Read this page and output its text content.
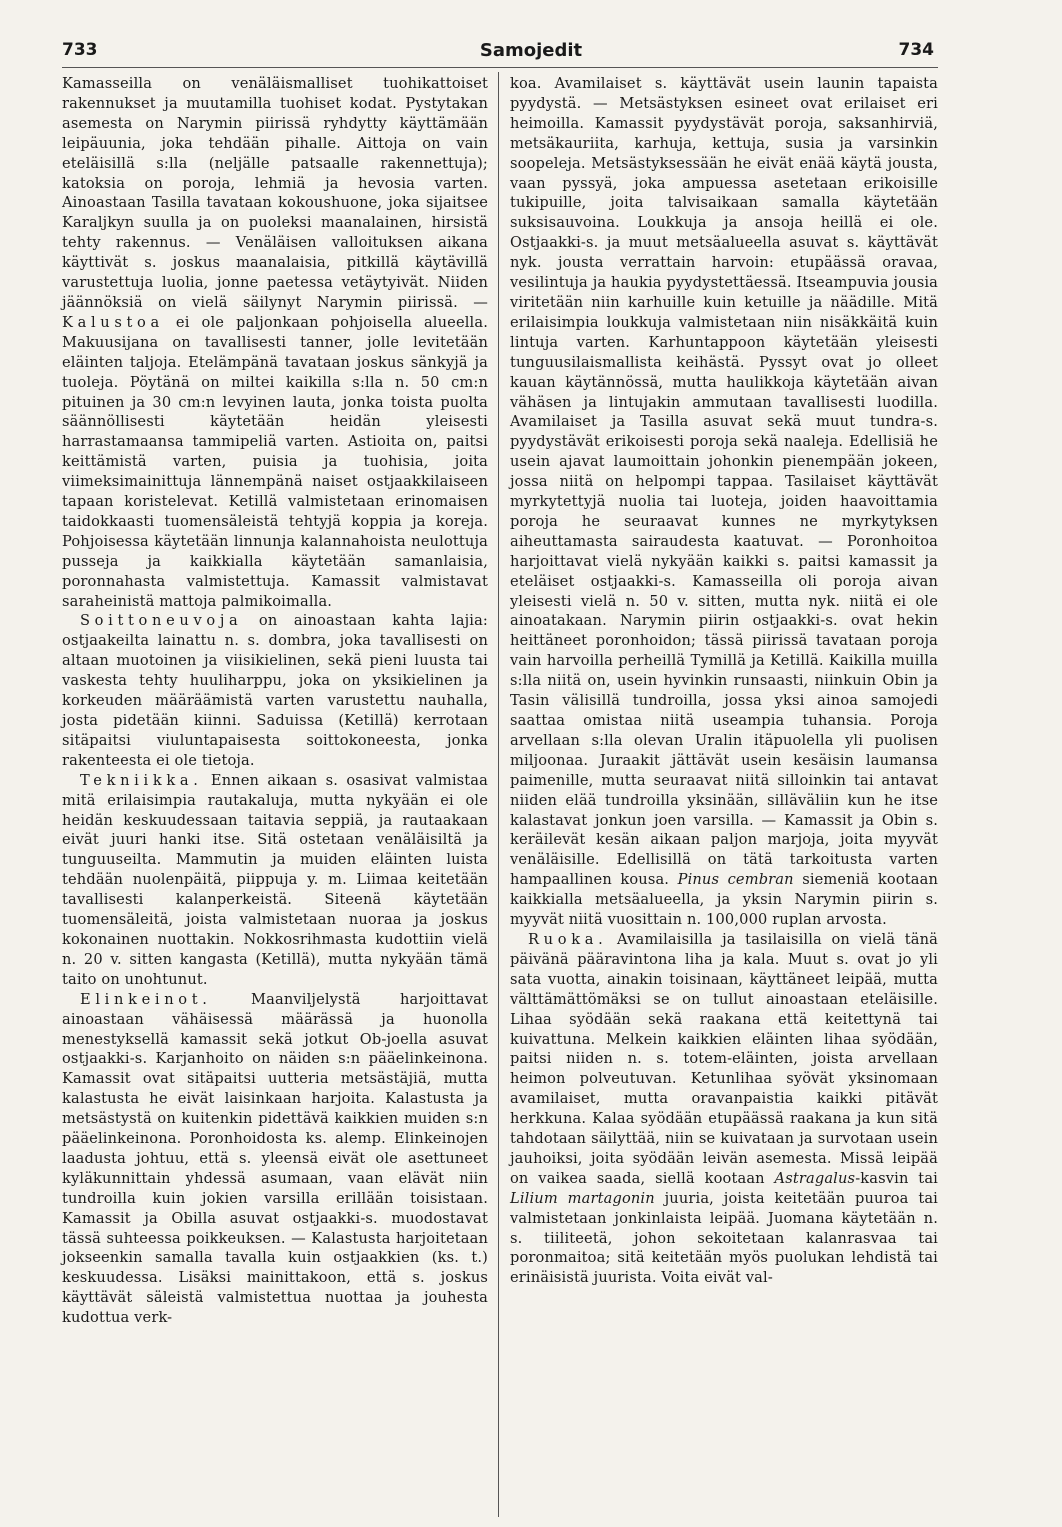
733	Samojedit	734

Kamasseilla on venäläismalliset tuohikattoiset rakennukset ja muutamilla tuohiset kodat. Pystytakan asemesta on Narymin piirissä ryhdytty käyttämään leipäuunia, joka tehdään pihalle. Aittoja on vain eteläisillä s:lla (neljälle patsaalle rakennettuja); katoksia on poroja, lehmiä ja hevosia varten. Ainoastaan Tasilla tavataan kokoushuone, joka sijaitsee Karaljkyn suulla ja on puoleksi maanalainen, hirsistä tehty rakennus. — Venäläisen valloituksen aikana käyttivät s. joskus maanalaisia, pitkillä käytävillä varustettuja luolia, jonne paetessa vetäytyivät. Niiden jäännöksiä on vielä säilynyt Narymin piirissä. — Kalustoa ei ole paljonkaan pohjoisella alueella. Makuusijana on tavallisesti tanner, jolle levitetään eläinten taljoja. Etelämpänä tavataan joskus sänkyjä ja tuoleja. Pöytänä on miltei kaikilla s:lla n. 50 cm:n pituinen ja 30 cm:n levyinen lauta, jonka toista puolta säännöllisesti käytetään heidän yleisesti harrastamaansa tammipeliä varten. Astioita on, paitsi keittämistä varten, puisia ja tuohisia, joita viimeksimainittuja lännempänä naiset ostjaakkilaiseen tapaan koristelevat. Ketillä valmistetaan erinomaisen taidokkaasti tuomensäleistä tehtyjä koppia ja koreja. Pohjoisessa käytetään linnunja kalannahoista neulottuja pusseja ja kaikkialla käytetään samanlaisia, poronnahasta valmistettuja. Kamassit valmistavat saraheinistä mattoja palmikoimalla.

Soittoneuvoja on ainoastaan kahta lajia: ostjaakeilta lainattu n. s. dombra, joka tavallisesti on altaan muotoinen ja viisikielinen, sekä pieni luusta tai vaskesta tehty huuliharppu, joka on yksikielinen ja korkeuden määräämistä varten varustettu nauhalla, josta pidetään kiinni. Saduissa (Ketillä) kerrotaan sitäpaitsi viuluntapaisesta soittokoneesta, jonka rakenteesta ei ole tietoja.

Tekniikka. Ennen aikaan s. osasivat valmistaa mitä erilaisimpia rautakaluja, mutta nykyään ei ole heidän keskuudessaan taitavia seppiä, ja rautaakaan eivät juuri hanki itse. Sitä ostetaan venäläisiltä ja tunguuseilta. Mammutin ja muiden eläinten luista tehdään nuolenpäitä, piippuja y. m. Liimaa keitetään tavallisesti kalanperkeistä. Siteenä käytetään tuomensäleitä, joista valmistetaan nuoraa ja joskus kokonainen nuottakin. Nokkosrihmasta kudottiin vielä n. 20 v. sitten kangasta (Ketillä), mutta nykyään tämä taito on unohtunut.

Elinkeinot.	Maanviljelystä harjoittavat ainoastaan vähäisessä määrässä ja huonolla menestyksellä kamassit sekä jotkut Ob-joella asuvat ostjaakki-s. Karjanhoito on näiden s:n pääelinkeinona. Kamassit ovat sitäpaitsi uutteria metsästäjiä, mutta kalastusta he eivät laisinkaan harjoita. Kalastusta ja metsästystä on kuitenkin pidettävä kaikkien muiden s:n pääelinkeinona. Poronhoidosta ks. alemp. Elinkeinojen laadusta johtuu, että s. yleensä eivät ole asettuneet kyläkunnittain yhdessä asumaan, vaan elävät niin tundroilla kuin jokien varsilla erillään toisistaan. Kamassit ja Obilla asuvat ostjaakki-s. muodostavat tässä suhteessa poikkeuksen. — Kalastusta harjoitetaan jokseenkin samalla tavalla kuin ostjaakkien (ks. t.) keskuudessa. Lisäksi mainittakoon, että s. joskus käyttävät säleistä valmistettua nuottaa ja jouhesta kudottua verk-

koa. Avamilaiset s. käyttävät usein launin tapaista pyydystä. — Metsästyksen esineet ovat erilaiset eri heimoilla. Kamassit pyydystävät poroja, saksanhirviä, metsäkauriita, karhuja, kettuja, susia ja varsinkin soopeleja. Metsästyksessään he eivät enää käytä jousta, vaan pyssyä, joka ampuessa asetetaan erikoisille tukipuille, joita talvisaikaan samalla käytetään suksisauvoina. Loukkuja ja ansoja heillä ei ole. Ostjaakki-s. ja muut metsäalueella asuvat s. käyttävät nyk. jousta verrattain harvoin: etupäässä oravaa, vesilintuja ja haukia pyydystettäessä. Itseampuvia jousia viritetään niin karhuille kuin ketuille ja näädille. Mitä erilaisimpia loukkuja valmistetaan niin nisäkkäitä kuin lintuja varten. Karhuntappoon käytetään yleisesti tunguusilaismallista keihästä. Pyssyt ovat jo olleet kauan käytännössä, mutta haulikkoja käytetään aivan vähäsen ja lintujakin ammutaan tavallisesti luodilla. Avamilaiset ja Tasilla asuvat sekä muut tundra-s. pyydystävät erikoisesti poroja sekä naaleja. Edellisiä he usein ajavat laumoittain johonkin pienempään jokeen, jossa niitä on helpompi tappaa. Tasilaiset käyttävät myrkytettyjä nuolia tai luoteja, joiden haavoittamia poroja he seuraavat kunnes ne myrkytyksen aiheuttamasta sairaudesta kaatuvat. — Poronhoitoa harjoittavat vielä nykyään kaikki s. paitsi kamassit ja eteläiset ostjaakki-s. Kamasseilla oli poroja aivan yleisesti vielä n. 50 v. sitten, mutta nyk. niitä ei ole ainoatakaan. Narymin piirin ostjaakki-s. ovat hekin heittäneet poronhoidon; tässä piirissä tavataan poroja vain harvoilla perheillä Tymillä ja Ketillä. Kaikilla muilla s:lla niitä on, usein hyvinkin runsaasti, niinkuin Obin ja Tasin välisillä tundroilla, jossa yksi ainoa samojedi saattaa omistaa niitä useampia tuhansia. Poroja arvellaan s:lla olevan Uralin itäpuolella yli puolisen miljoonaa. Juraakit jättävät usein kesäisin laumansa paimenille, mutta seuraavat niitä silloinkin tai antavat niiden elää tundroilla yksinään, silläväliin kun he itse kalastavat jonkun joen varsilla. — Kamassit ja Obin s. keräilevät kesän aikaan paljon marjoja, joita myyvät venäläisille. Edellisillä on tätä tarkoitusta varten hampaallinen kousa. Pinus cembran siemeniä kootaan kaikkialla metsäalueella, ja yksin Narymin piirin s. myyvät niitä vuosittain n. 100,000 ruplan arvosta.

Ruoka. Avamilaisilla ja tasilaisilla on vielä tänä päivänä pääravintona liha ja kala. Muut s. ovat jo yli sata vuotta, ainakin toisinaan, käyttäneet leipää, mutta välttämättömäksi se on tullut ainoastaan eteläisille. Lihaa syödään sekä raakana että keitettynä tai kuivattuna. Melkein kaikkien eläinten lihaa syödään, paitsi niiden n. s. totem-eläinten, joista arvellaan heimon polveutuvan. Ketunlihaa syövät yksinomaan avamilaiset, mutta oravanpaistia kaikki pitävät herkkuna. Kalaa syödään etupäässä raakana ja kun sitä tahdotaan säilyttää, niin se kuivataan ja survotaan usein jauhoiksi, joita syödään leivän asemesta. Missä leipää on vaikea saada, siellä kootaan Astragalus-kasvin tai Lilium martagonin juuria, joista keitetään puuroa tai valmistetaan jonkinlaista leipää. Juomana käytetään n. s. tiiliteetä, johon sekoitetaan kalanrasvaa tai poronmaitoa; sitä keitetään myös puolukan lehdistä tai erinäisistä juurista. Voita eivät val-
